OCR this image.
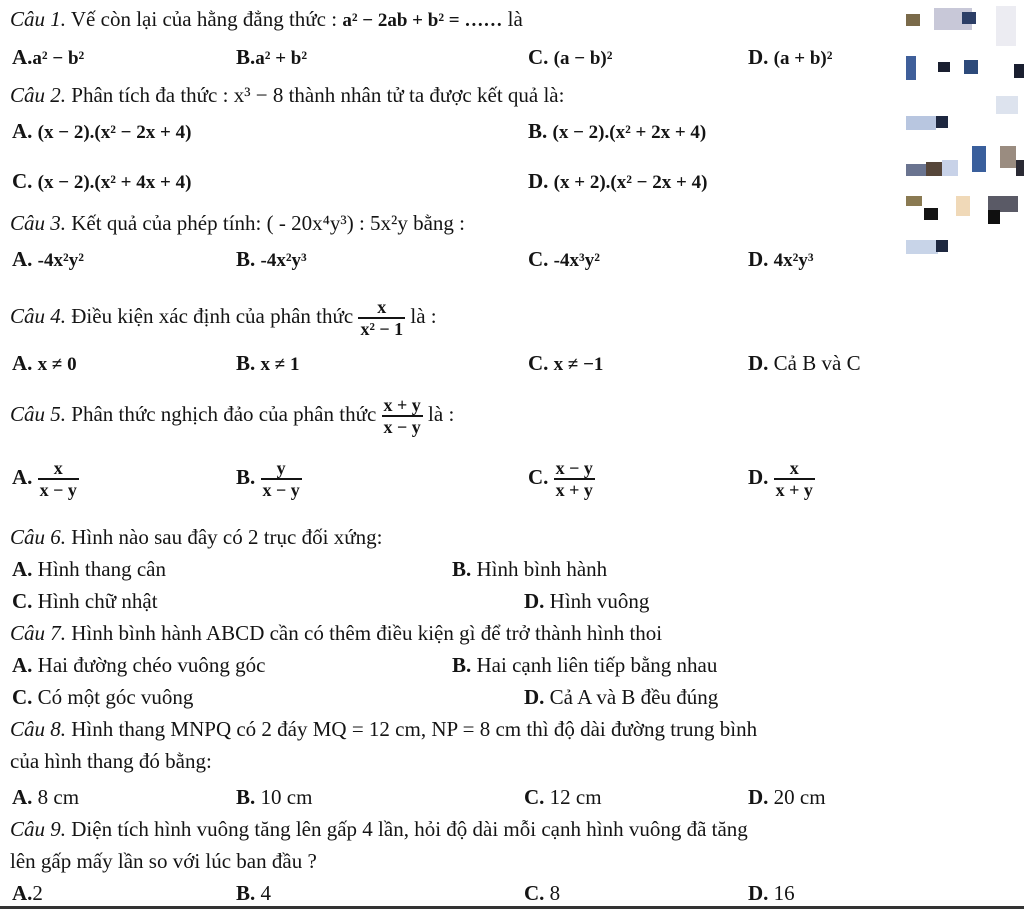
Câu 1. Vế còn lại của hằng đẳng thức : a² − 2ab + b² = …… là
A.a² − b²	B.a² + b²	C. (a − b)²	D. (a + b)²
Câu 2. Phân tích đa thức : x³ − 8 thành nhân tử ta được kết quả là:
A. (x − 2).(x² − 2x + 4)	B. (x − 2).(x² + 2x + 4)
C. (x − 2).(x² + 4x + 4)	D. (x + 2).(x² − 2x + 4)
Câu 3. Kết quả của phép tính: ( - 20x⁴y³) : 5x²y bằng :
A. -4x²y²	B. -4x²y³	C. -4x³y²	D. 4x²y³
Câu 4. Điều kiện xác định của phân thức $\frac{x}{\text{x² − 1}}$ là :
A. x ≠ 0	B. x ≠ 1	C. x ≠ −1	D. Cả B và C
Câu 5. Phân thức nghịch đảo của phân thức $\frac{x + y}{x - y}$ là :
A. $\frac{x}{x - y}$	B. $\frac{y}{x - y}$	C. $\frac{x - y}{x + y}$	D. $\frac{x}{x + y}$
Câu 6. Hình nào sau đây có 2 trục đối xứng:
A. Hình thang cân	B. Hình bình hành
C. Hình chữ nhật	D. Hình vuông
Câu 7. Hình bình hành ABCD cần có thêm điều kiện gì để trở thành hình thoi
A. Hai đường chéo vuông góc	B. Hai cạnh liên tiếp bằng nhau
C. Có một góc vuông	D. Cả A và B đều đúng
Câu 8. Hình thang MNPQ có 2 đáy MQ = 12 cm, NP = 8 cm thì độ dài đường trung bình
của hình thang đó bằng:
A. 8 cm	B. 10 cm	C. 12 cm	D. 20 cm
Câu 9. Diện tích hình vuông tăng lên gấp 4 lần, hỏi độ dài mỗi cạnh hình vuông đã tăng
lên gấp mấy lần so với lúc ban đầu ?
A.2	B. 4	C. 8	D. 16
